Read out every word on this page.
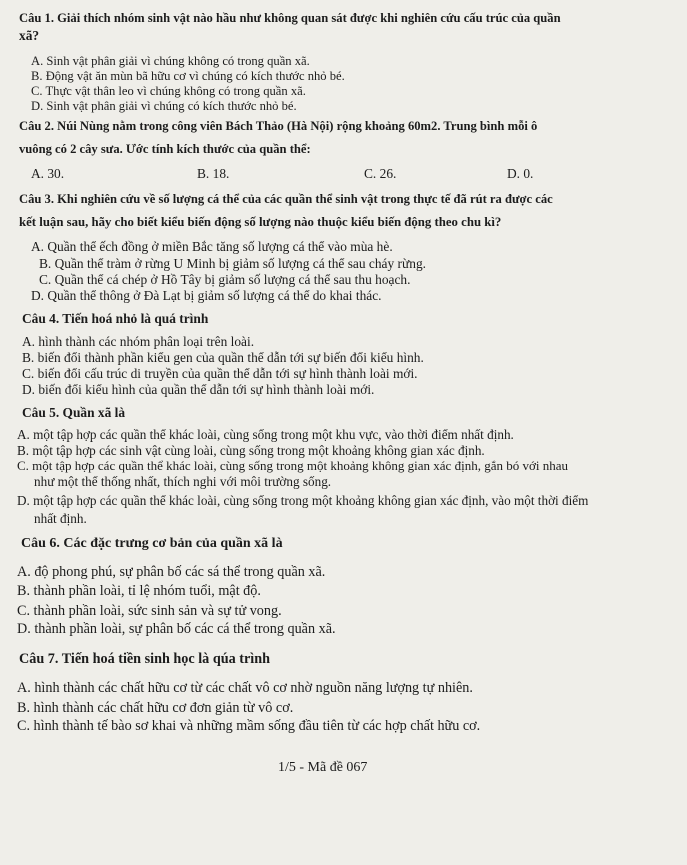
Câu 1. Giải thích nhóm sinh vật nào hầu như không quan sát được khi nghiên cứu cấu trúc của quần
xã?
A. Sinh vật phân giải vì chúng không có trong quần xã.
B. Động vật ăn mùn bã hữu cơ vì chúng có kích thước nhỏ bé.
C. Thực vật thân leo vì chúng không có trong quần xã.
D. Sinh vật phân giải vì chúng có kích thước nhỏ bé.
Câu 2. Núi Nùng nằm trong công viên Bách Thảo (Hà Nội) rộng khoảng 60m2. Trung bình mỗi ô
vuông có 2 cây sưa. Ước tính kích thước của quần thể:
A. 30.	B. 18.	C. 26.	D. 0.
Câu 3. Khi nghiên cứu về số lượng cá thể của các quần thể sinh vật trong thực tế đã rút ra được các
kết luận sau, hãy cho biết kiểu biến động số lượng nào thuộc kiểu biến động theo chu kì?
A. Quần thể ếch đồng ở miền Bắc tăng số lượng cá thể vào mùa hè.
B. Quần thể tràm ở rừng U Minh bị giảm số lượng cá thể sau cháy rừng.
C. Quần thể cá chép ở Hồ Tây bị giảm số lượng cá thể sau thu hoạch.
D. Quần thể thông ở Đà Lạt bị giảm số lượng cá thể do khai thác.
Câu 4. Tiến hoá nhỏ là quá trình
A. hình thành các nhóm phân loại trên loài.
B. biến đổi thành phần kiểu gen của quần thể dẫn tới sự biến đổi kiểu hình.
C. biến đổi cấu trúc di truyền của quần thể dẫn tới sự hình thành loài mới.
D. biến đổi kiểu hình của quần thể dẫn tới sự hình thành loài mới.
Câu 5. Quần xã là
A. một tập hợp các quần thể khác loài, cùng sống trong một khu vực, vào thời điểm nhất định.
B. một tập hợp các sinh vật cùng loài, cùng sống trong một khoảng không gian xác định.
C. một tập hợp các quần thể khác loài, cùng sống trong một khoảng không gian xác định, gắn bó với nhau
như một thể thống nhất, thích nghi với môi trường sống.
D. một tập hợp các quần thể khác loài, cùng sống trong một khoảng không gian xác định, vào một thời điểm
nhất định.
Câu 6. Các đặc trưng cơ bản của quần xã là
A. độ phong phú, sự phân bố các sá thể trong quần xã.
B. thành phần loài, tỉ lệ nhóm tuổi, mật độ.
C. thành phần loài, sức sinh sản và sự tử vong.
D. thành phần loài, sự phân bố các cá thể trong quần xã.
Câu 7. Tiến hoá tiền sinh học là qúa trình
A. hình thành các chất hữu cơ từ các chất vô cơ nhờ nguồn năng lượng tự nhiên.
B. hình thành các chất hữu cơ đơn giản từ vô cơ.
C. hình thành tế bào sơ khai và những mầm sống đầu tiên từ các hợp chất hữu cơ.
1/5 - Mã đề 067
